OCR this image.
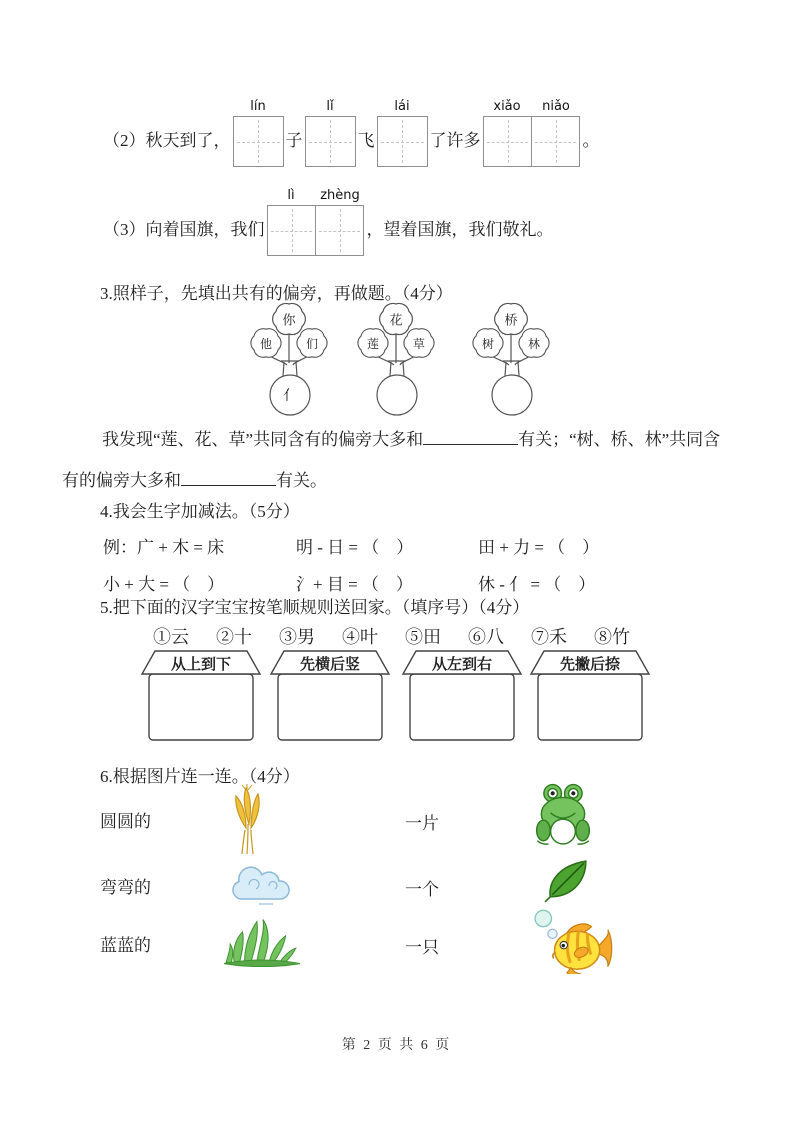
（2）秋天到了，
lín
子
lǐ
飞
lái
了许多
xiǎo	niǎo
。
（3）向着国旗，我们
lì	zhèng
，望着国旗，我们敬礼。
3.照样子，先填出共有的偏旁，再做题。（4分）
你
他	们
亻
花
莲	草
桥
树	林
我发现“莲、花、草”共同含有的偏旁大多和	有关；“树、桥、林”共同含
有的偏旁大多和	有关。
4.我会生字加减法。（5分）
例：广 + 木 = 床	明 - 日 = （　）	田 + 力 = （　）
小 + 大 = （　）	氵+ 目 = （　）	休 - 亻 = （　）
5.把下面的汉字宝宝按笔顺规则送回家。（填序号）（4分）
①云 ②十 ③男 ④叶 ⑤田 ⑥八 ⑦禾 ⑧竹
从上到下	先横后竖	从左到右	先撇后捺
6.根据图片连一连。（4分）
圆圆的	一片
弯弯的	一个
蓝蓝的	一只
第 2 页 共 6 页
